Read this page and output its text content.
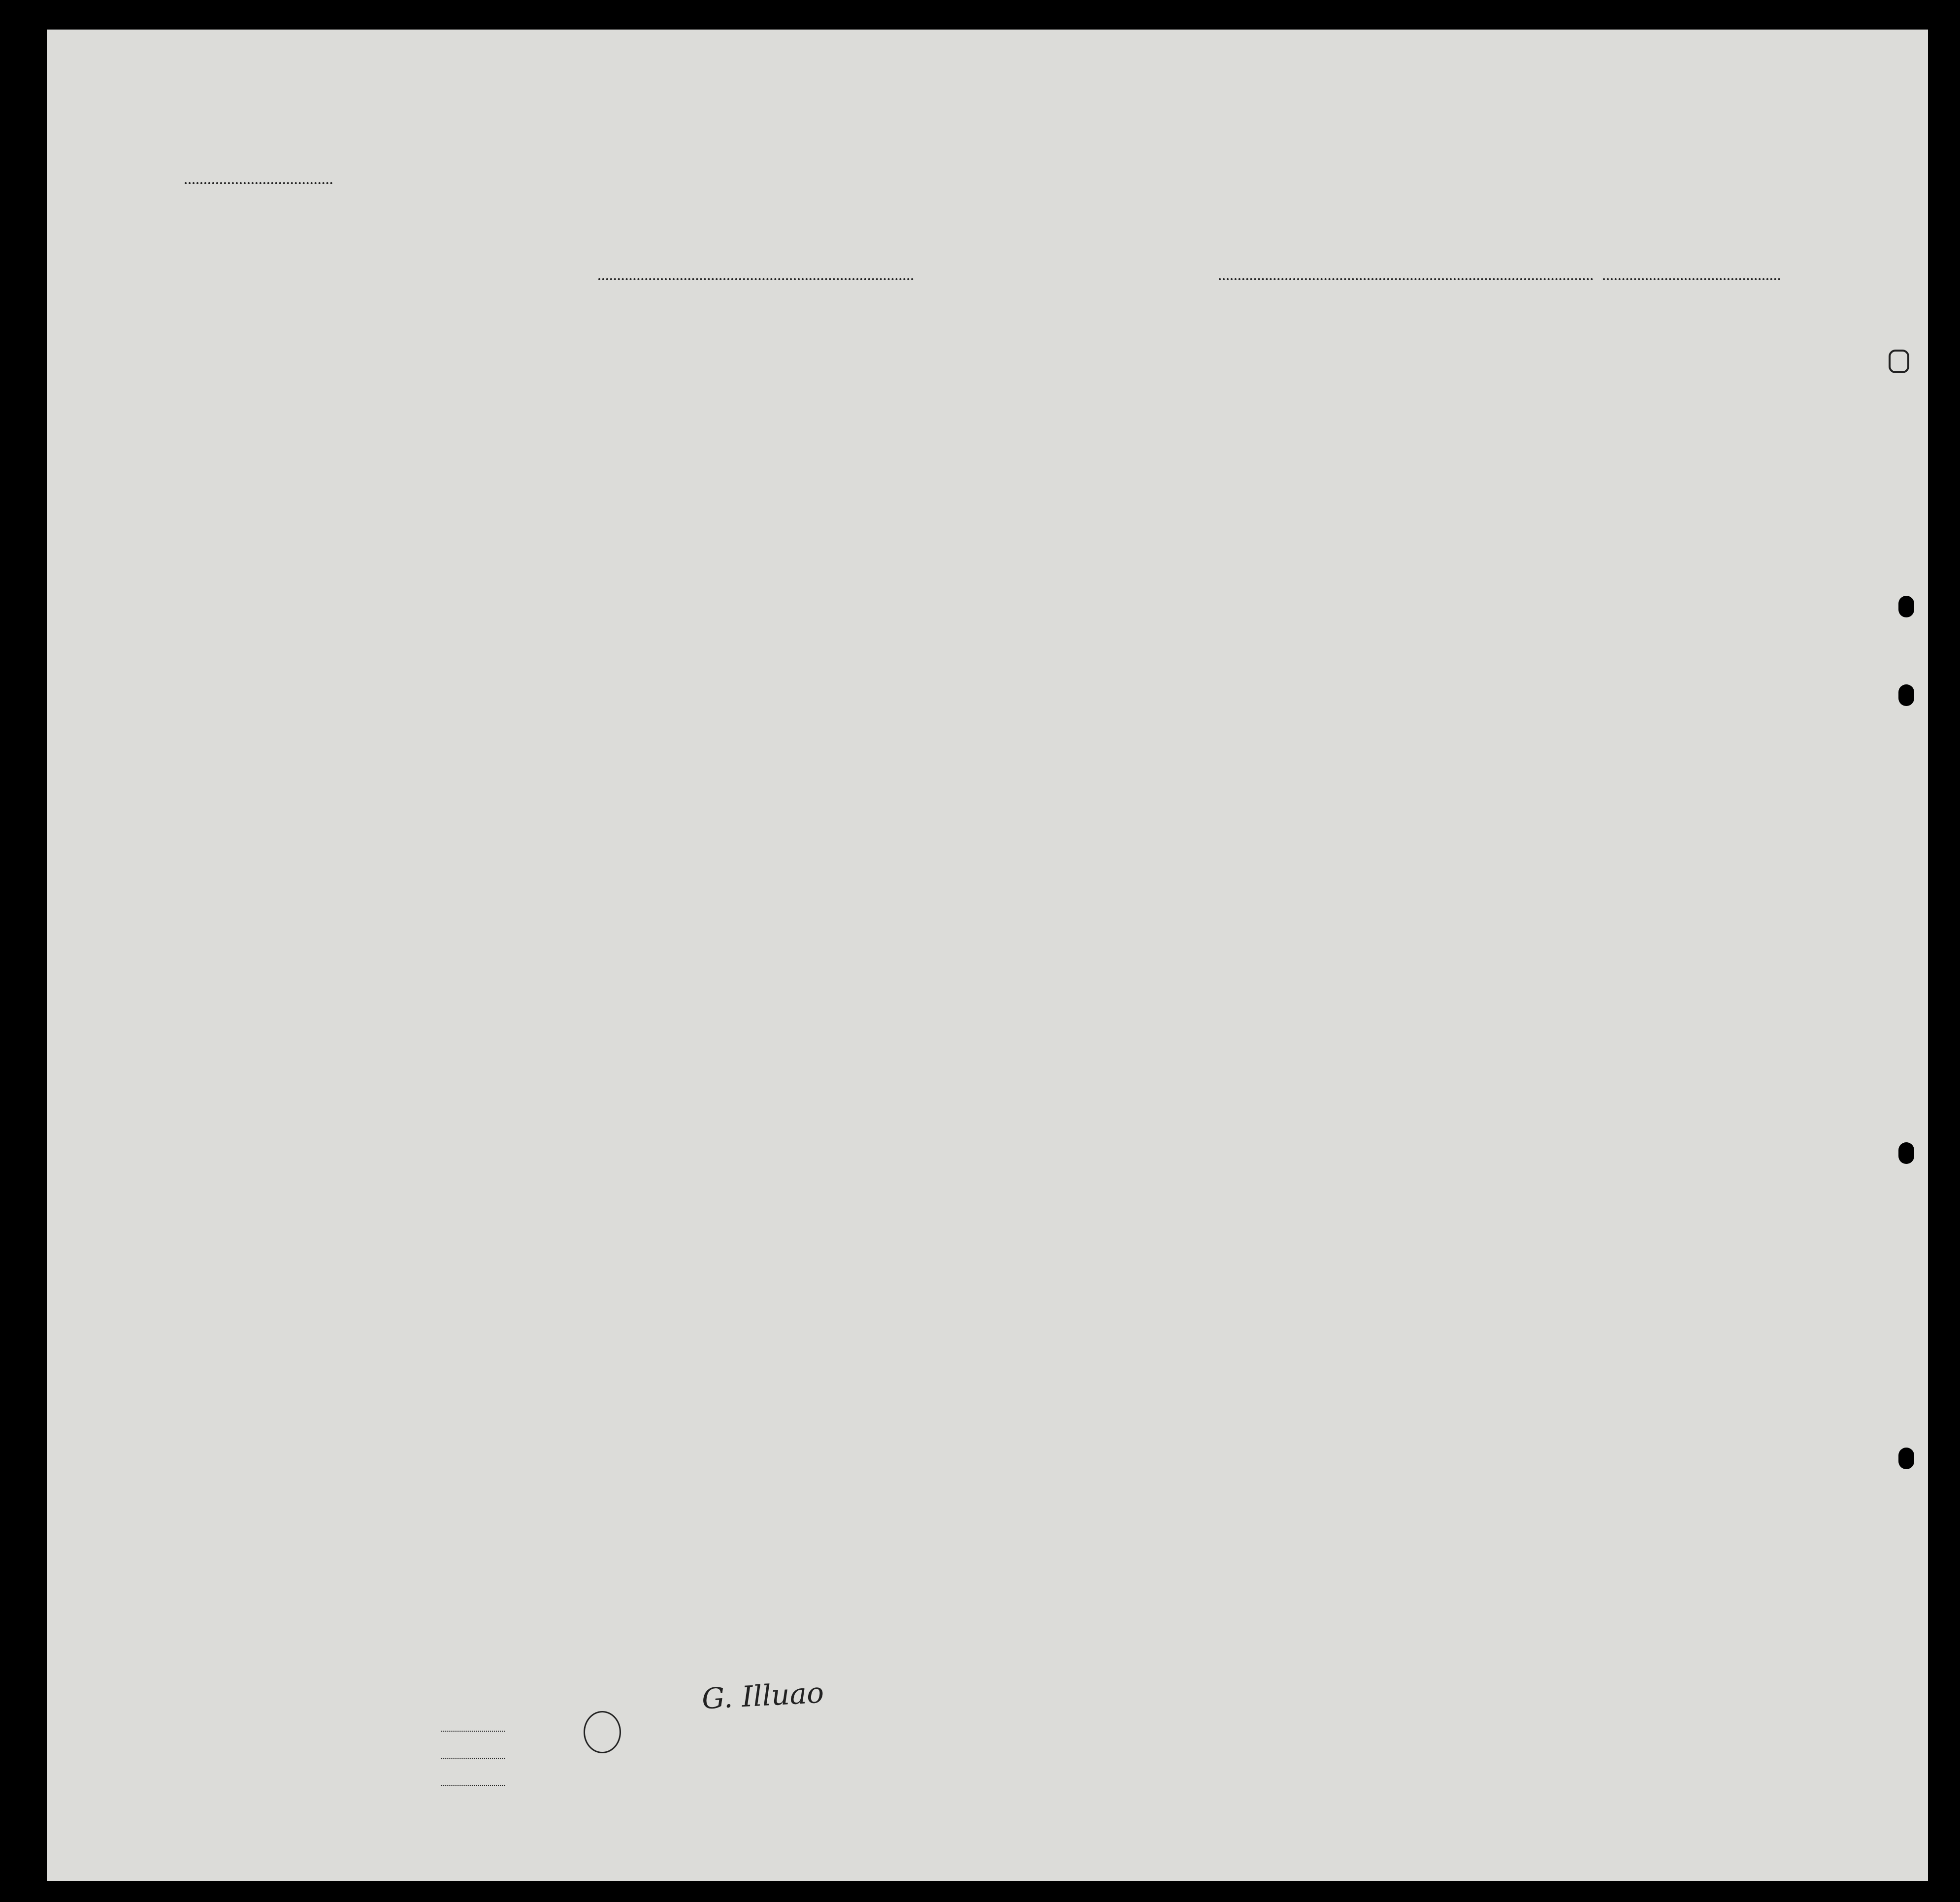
G. Illuao
